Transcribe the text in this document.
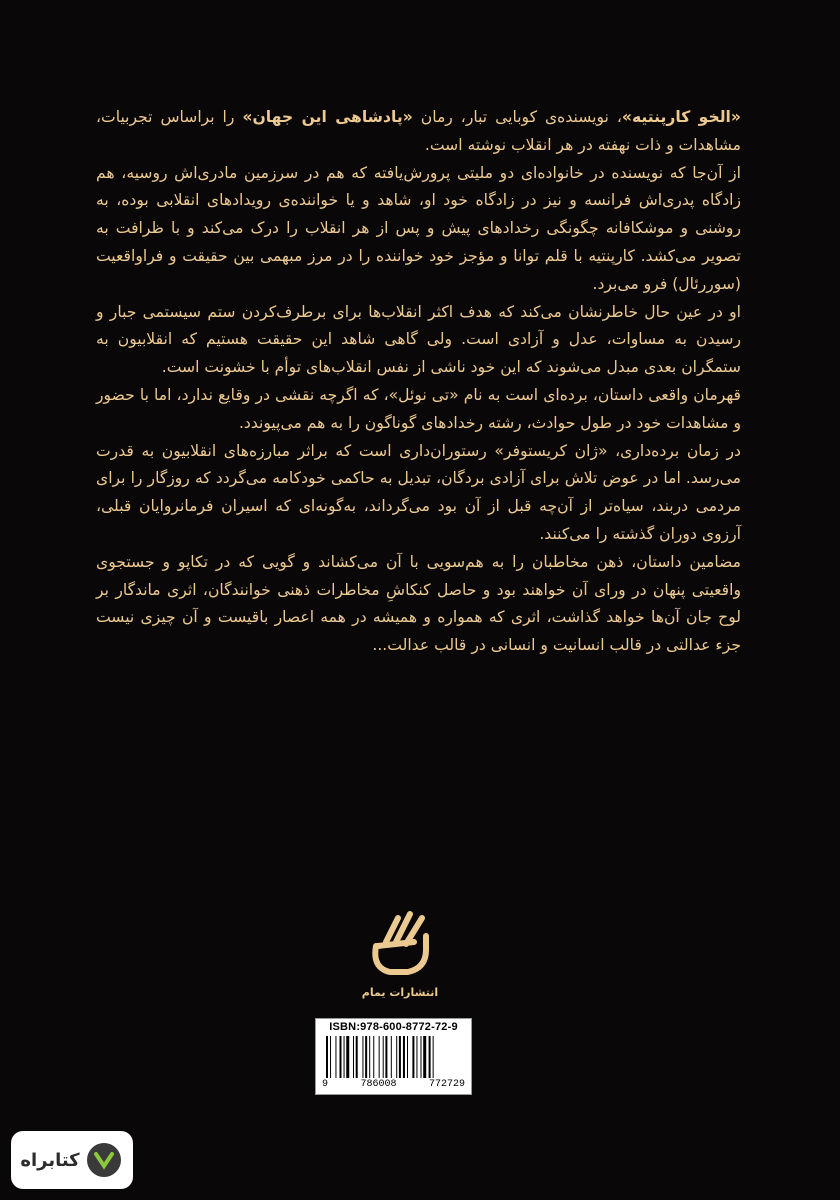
«الخو کارپنتیه»، نویسنده‌ی کوبایی تبار، رمان «پادشاهی این جهان» را براساس تجربیات، مشاهدات و ذات نهفته در هر انقلاب نوشته است.

از آن‌جا که نویسنده در خانواده‌ای دو ملیتی پرورش‌یافته که هم در سرزمین مادری‌اش روسیه، هم زادگاه پدری‌اش فرانسه و نیز در زادگاه خود او، شاهد و یا خواننده‌ی رویدادهای انقلابی بوده، به روشنی و موشکافانه چگونگی رخدادهای پیش و پس از هر انقلاب را درک می‌کند و با ظرافت به تصویر می‌کشد. کارپنتیه با قلم توانا و مؤجز خود خواننده را در مرز مبهمی بین حقیقت و فراواقعیت (سوررئال) فرو می‌برد.

او در عین حال خاطرنشان می‌کند که هدف اکثر انقلاب‌ها برای برطرف‌کردن ستم سیستمی جبار و رسیدن به مساوات، عدل و آزادی است. ولی گاهی شاهد این حقیقت هستیم که انقلابیون به ستمگران بعدی مبدل می‌شوند که این خود ناشی از نفس انقلاب‌های توأم با خشونت است.

قهرمان واقعی داستان، برده‌ای است به نام «تی نوئل»، که اگرچه نقشی در وقایع ندارد، اما با حضور و مشاهدات خود در طول حوادث، رشته رخدادهای گوناگون را به هم می‌پیوندد.

در زمان برده‌داری، «ژان کریستوفر» رستوران‌داری است که براثر مبارزه‌های انقلابیون به قدرت می‌رسد. اما در عوض تلاش برای آزادی بردگان، تبدیل به حاکمی خودکامه می‌گردد که روزگار را برای مردمی دربند، سیاه‌تر از آن‌چه قبل از آن بود می‌گرداند، به‌گونه‌ای که اسیران فرمانروایان قبلی، آرزوی دوران گذشته را می‌کنند.

مضامین داستان، ذهن مخاطبان را به هم‌سویی با آن می‌کشاند و گویی که در تکاپو و جستجوی واقعیتی پنهان در ورای آن خواهند بود و حاصل کنکاشِ مخاطرات ذهنی خوانندگان، اثری ماندگار بر لوح جان آن‌ها خواهد گذاشت، اثری که همواره و همیشه در همه اعصار باقیست و آن چیزی نیست جزء عدالتی در قالب انسانیت و انسانی در قالب عدالت...

انتشارات یمام
ISBN:978-600-8772-72-9
9	786008	772729
کتابراه
